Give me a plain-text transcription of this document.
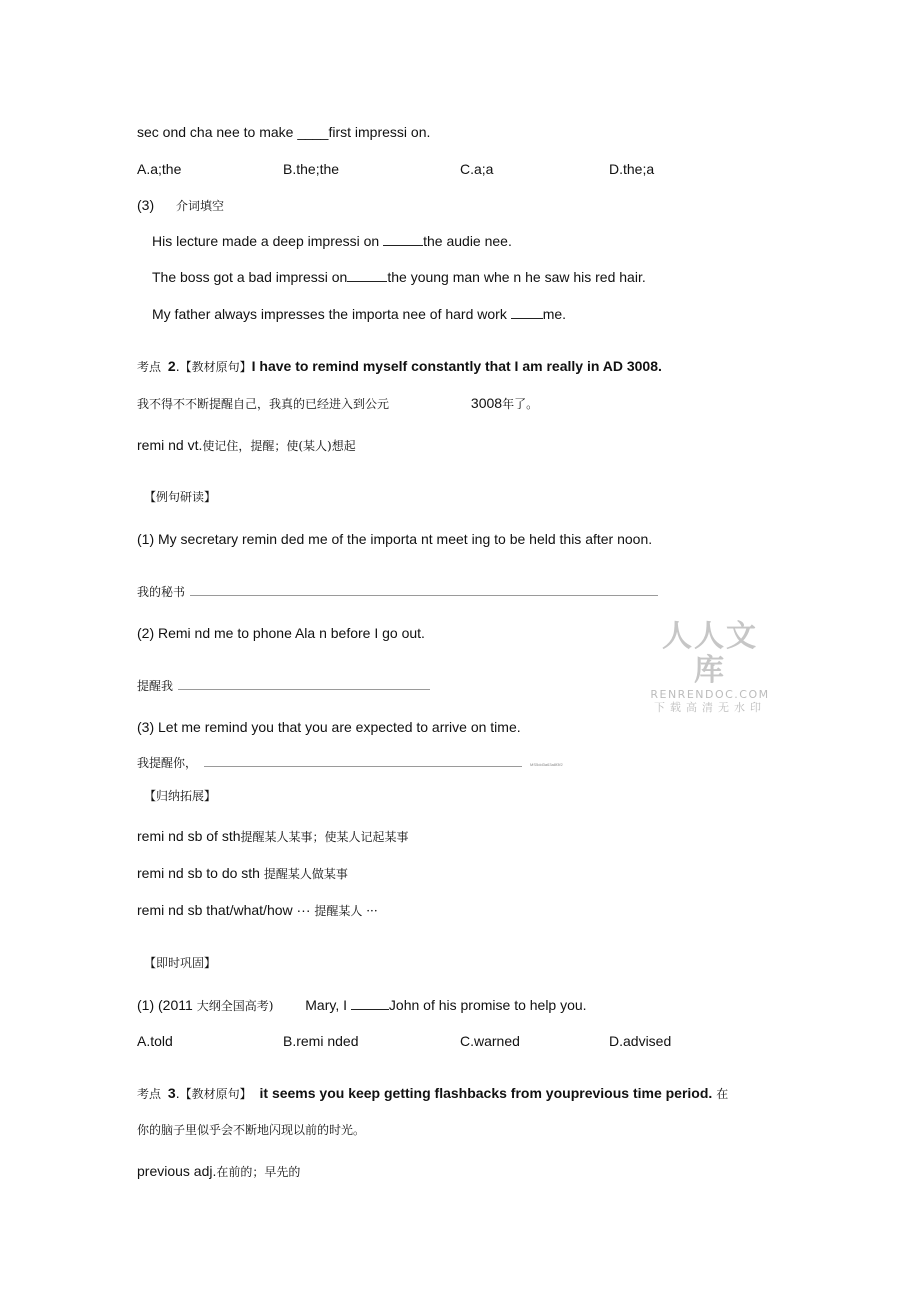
sec ond cha nee to make ____first impressi on.
A.a;the	B.the;the	C.a;a	D.the;a
(3) 介词填空
His lecture made a deep impressi on	the audie nee.
The boss got a bad impressi on	the young man whe n he saw his red hair.
My father always impresses the importa nee of hard work me.
考点 2.【教材原句】I have to remind myself constantly that I am really in AD 3008.
我不得不不断提醒自己，我真的已经进入到公元	3008年了。
remi nd vt.使记住，提醒；使(某人)想起
【例句研读】
(1) My secretary remin ded me of the importa nt meet ing to be held this after noon.
我的秘书
(2) Remi nd me to phone Ala n before I go out.
提醒我
(3) Let me remind you that you are expected to arrive on time.
我提醒你，	MS5dd3a63a8f3f2
【归纳拓展】
remi nd sb of sth提醒某人某事；使某人记起某事
remi nd sb to do sth 提醒某人做某事
remi nd sb that/what/how ··· 提醒某人 ···
【即时巩固】
(1) (2011 大纲全国高考) Mary, I	John of his promise to help you.
A.told	B.remi nded	C.warned	D.advised
考点 3.【教材原句】 it seems you keep getting flashbacks from youprevious time period. 在
你的脑子里似乎会不断地闪现以前的时光。
previous adj.在前的；早先的
人人文库
RENRENDOC.COM
下载高清无水印
